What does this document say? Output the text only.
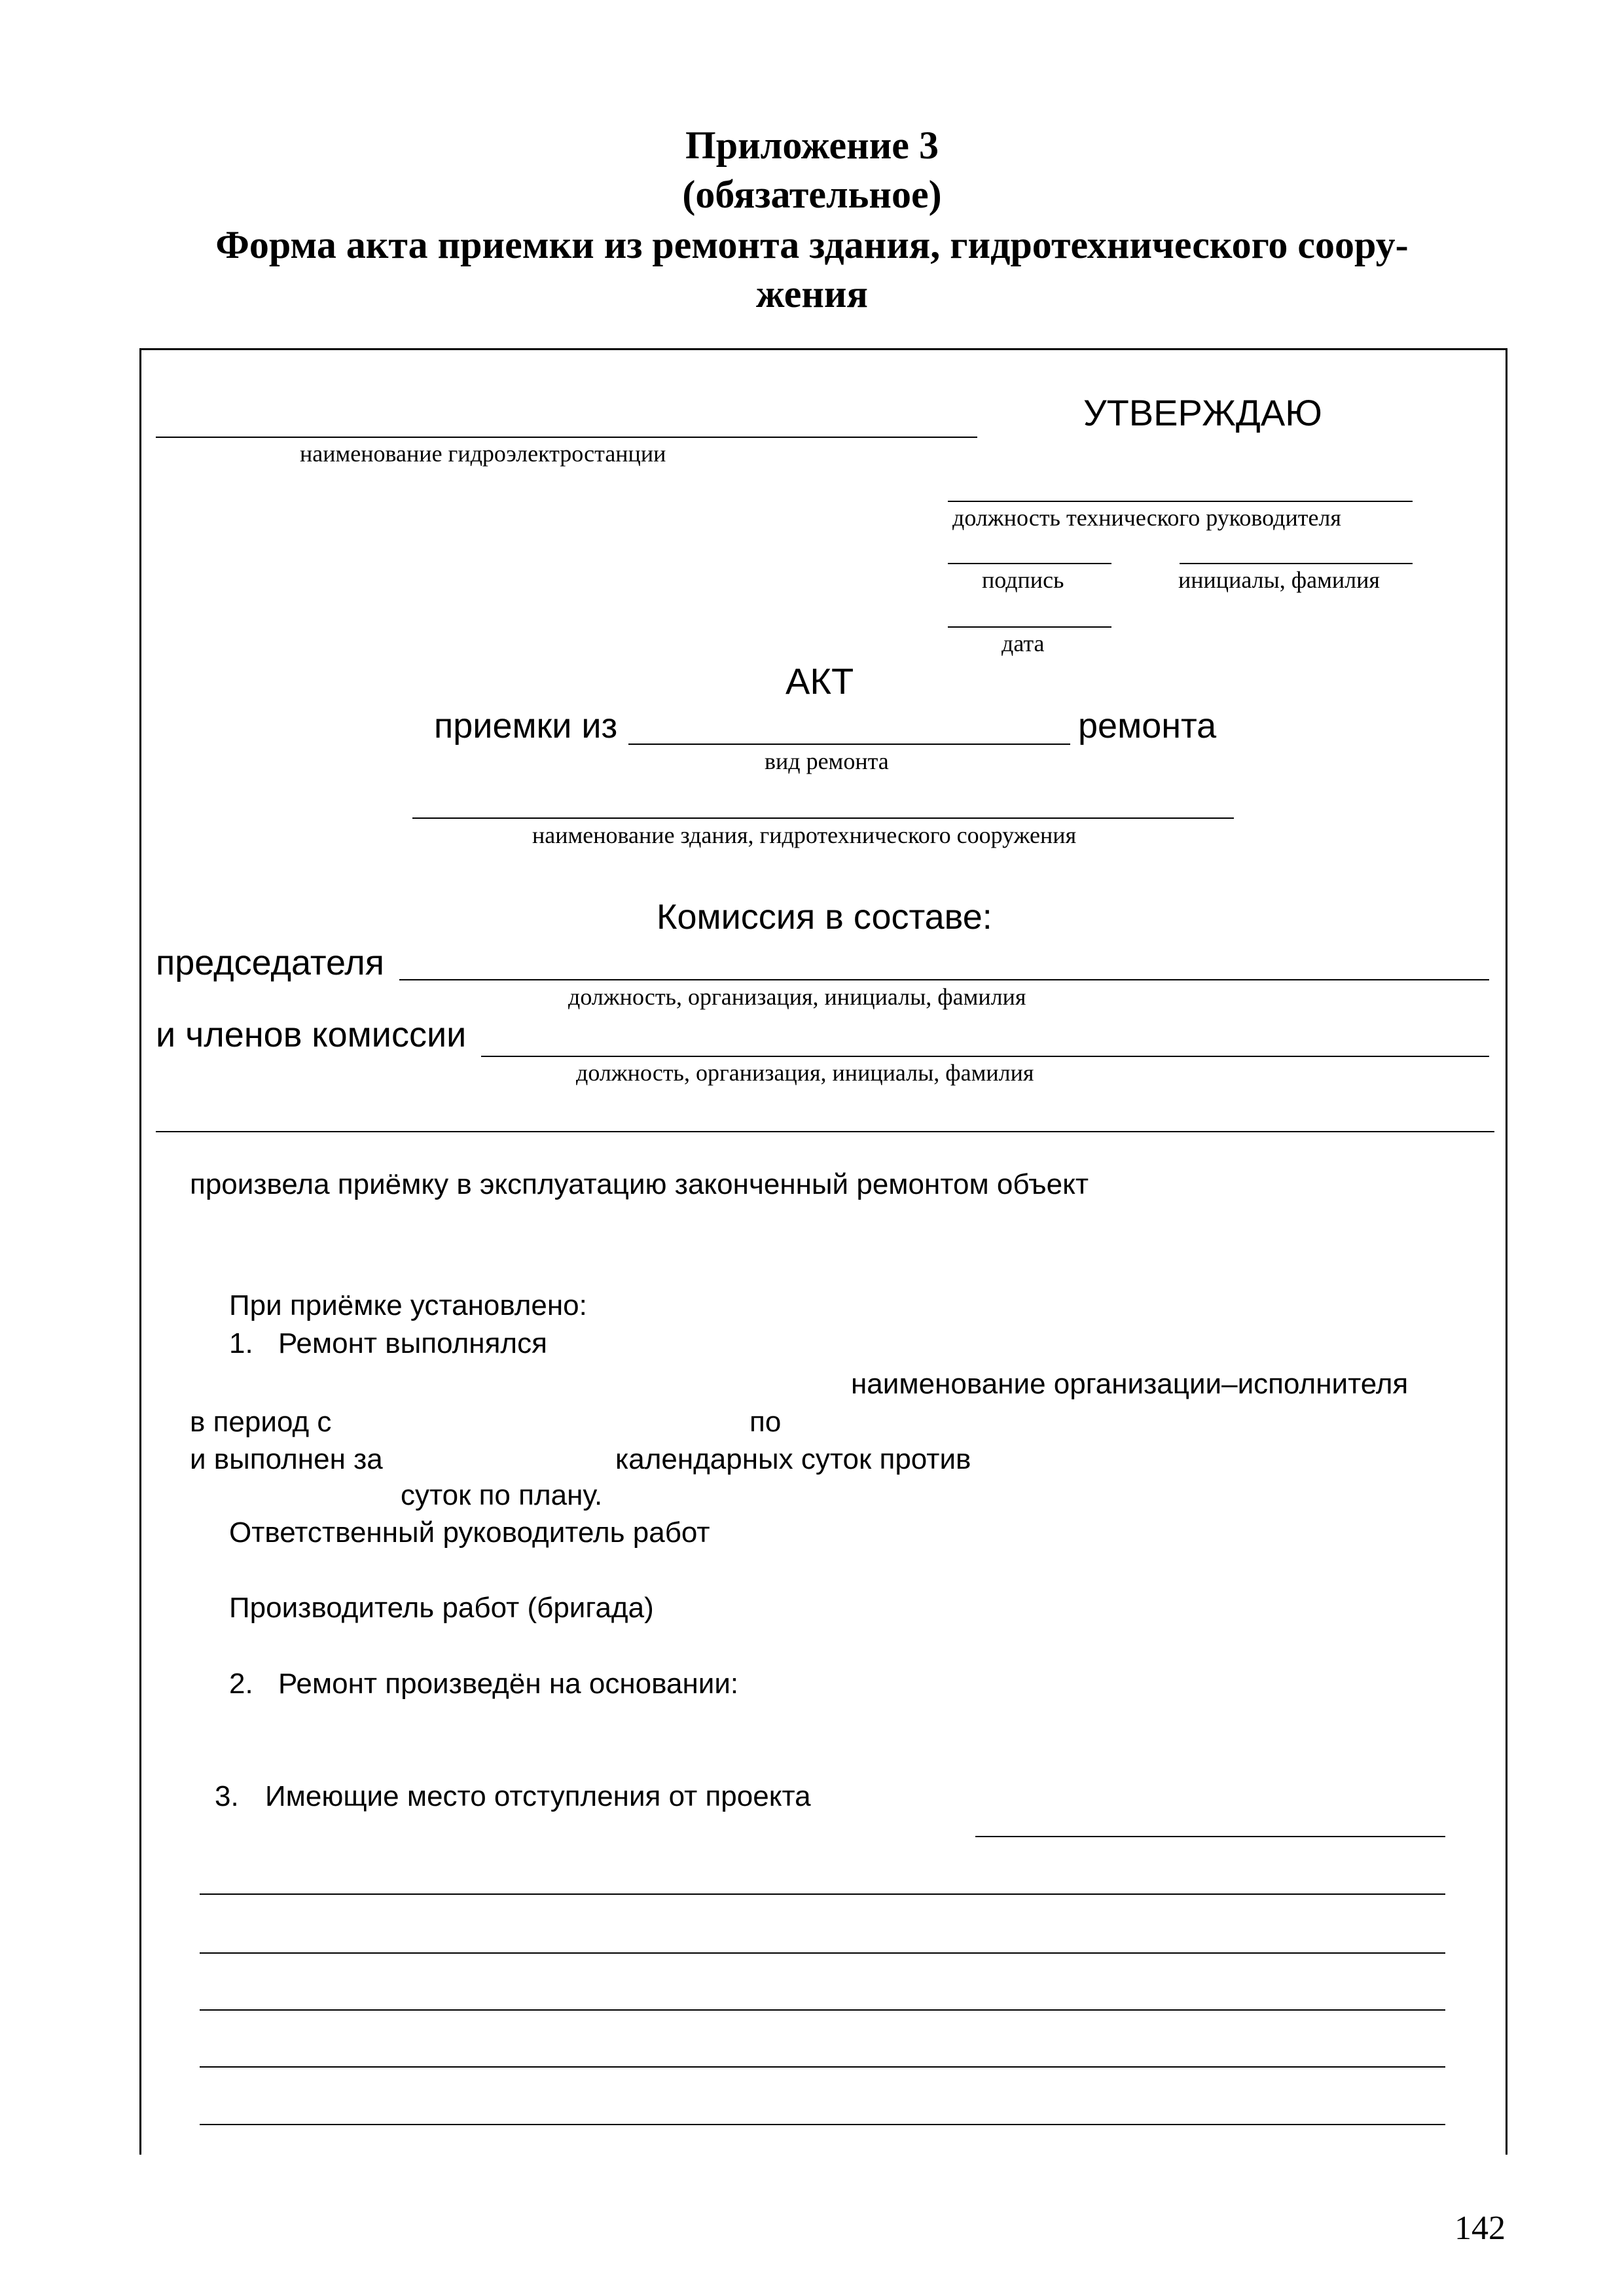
Приложение 3
(обязательное)
Форма акта приемки из ремонта здания, гидротехнического соору-
жения
наименование гидроэлектростанции
УТВЕРЖДАЮ
должность технического руководителя
подпись	инициалы, фамилия
дата
АКТ
приемки из	ремонта
вид ремонта
наименование здания, гидротехнического сооружения
Комиссия в составе:
председателя
должность, организация, инициалы, фамилия
и членов комиссии
должность, организация, инициалы, фамилия
произвела приёмку в эксплуатацию законченный ремонтом объект
При приёмке установлено:
1. Ремонт выполнялся
наименование организации–исполнителя
в период с	по
и выполнен за	календарных суток против
суток по плану.
Ответственный руководитель работ
Производитель работ (бригада)
2. Ремонт произведён на основании:
3. Имеющие место отступления от проекта
142
